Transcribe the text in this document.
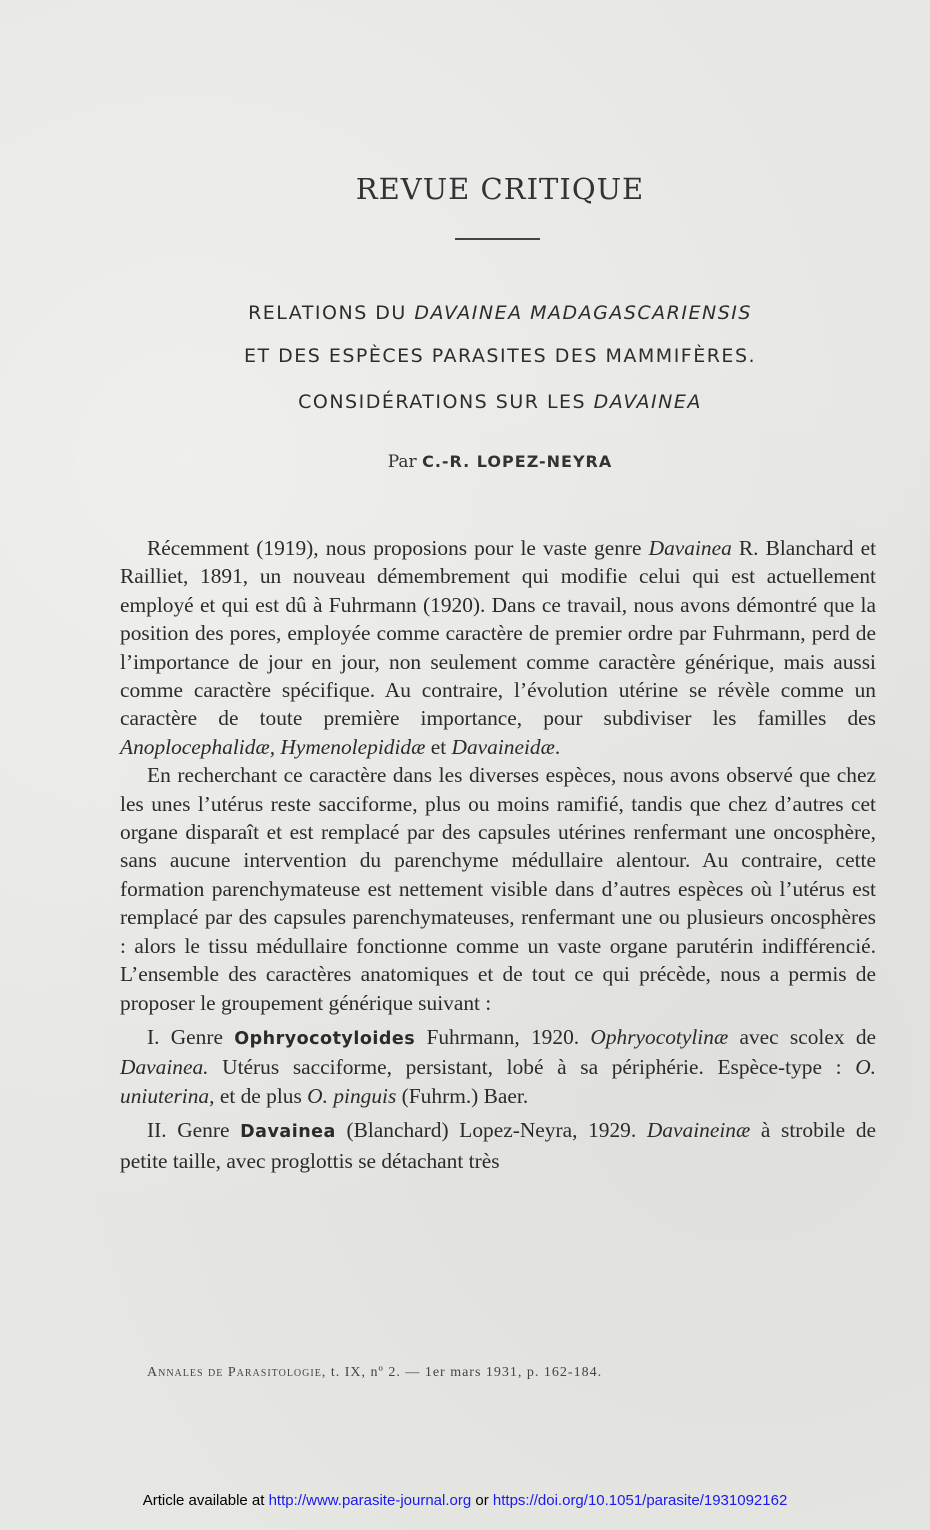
REVUE CRITIQUE
RELATIONS DU DAVAINEA MADAGASCARIENSIS
ET DES ESPÈCES PARASITES DES MAMMIFÈRES.
CONSIDÉRATIONS SUR LES DAVAINEA
Par C.-R. LOPEZ-NEYRA

Récemment (1919), nous proposions pour le vaste genre Davainea R. Blanchard et Railliet, 1891, un nouveau démembrement qui modifie celui qui est actuellement employé et qui est dû à Fuhrmann (1920). Dans ce travail, nous avons démontré que la position des pores, employée comme caractère de premier ordre par Fuhrmann, perd de l’importance de jour en jour, non seulement comme caractère générique, mais aussi comme caractère spécifique. Au contraire, l’évolution utérine se révèle comme un caractère de toute première importance, pour subdiviser les familles des Anoplocephalidæ, Hymenolepididæ et Davaineidæ.

En recherchant ce caractère dans les diverses espèces, nous avons observé que chez les unes l’utérus reste sacciforme, plus ou moins ramifié, tandis que chez d’autres cet organe disparaît et est remplacé par des capsules utérines renfermant une oncosphère, sans aucune intervention du parenchyme médullaire alentour. Au contraire, cette formation parenchymateuse est nettement visible dans d’autres espèces où l’utérus est remplacé par des capsules parenchymateuses, renfermant une ou plusieurs oncosphères : alors le tissu médullaire fonctionne comme un vaste organe parutérin indifférencié. L’ensemble des caractères anatomiques et de tout ce qui précède, nous a permis de proposer le groupement générique suivant :

I. Genre Ophryocotyloides Fuhrmann, 1920. Ophryocotylinæ avec scolex de Davainea. Utérus sacciforme, persistant, lobé à sa périphérie. Espèce-type : O. uniuterina, et de plus O. pinguis (Fuhrm.) Baer.

II. Genre Davainea (Blanchard) Lopez-Neyra, 1929. Davaineinæ à strobile de petite taille, avec proglottis se détachant très

Annales de Parasitologie, t. IX, nº 2. — 1er mars 1931, p. 162-184.
Article available at http://www.parasite-journal.org or https://doi.org/10.1051/parasite/1931092162
